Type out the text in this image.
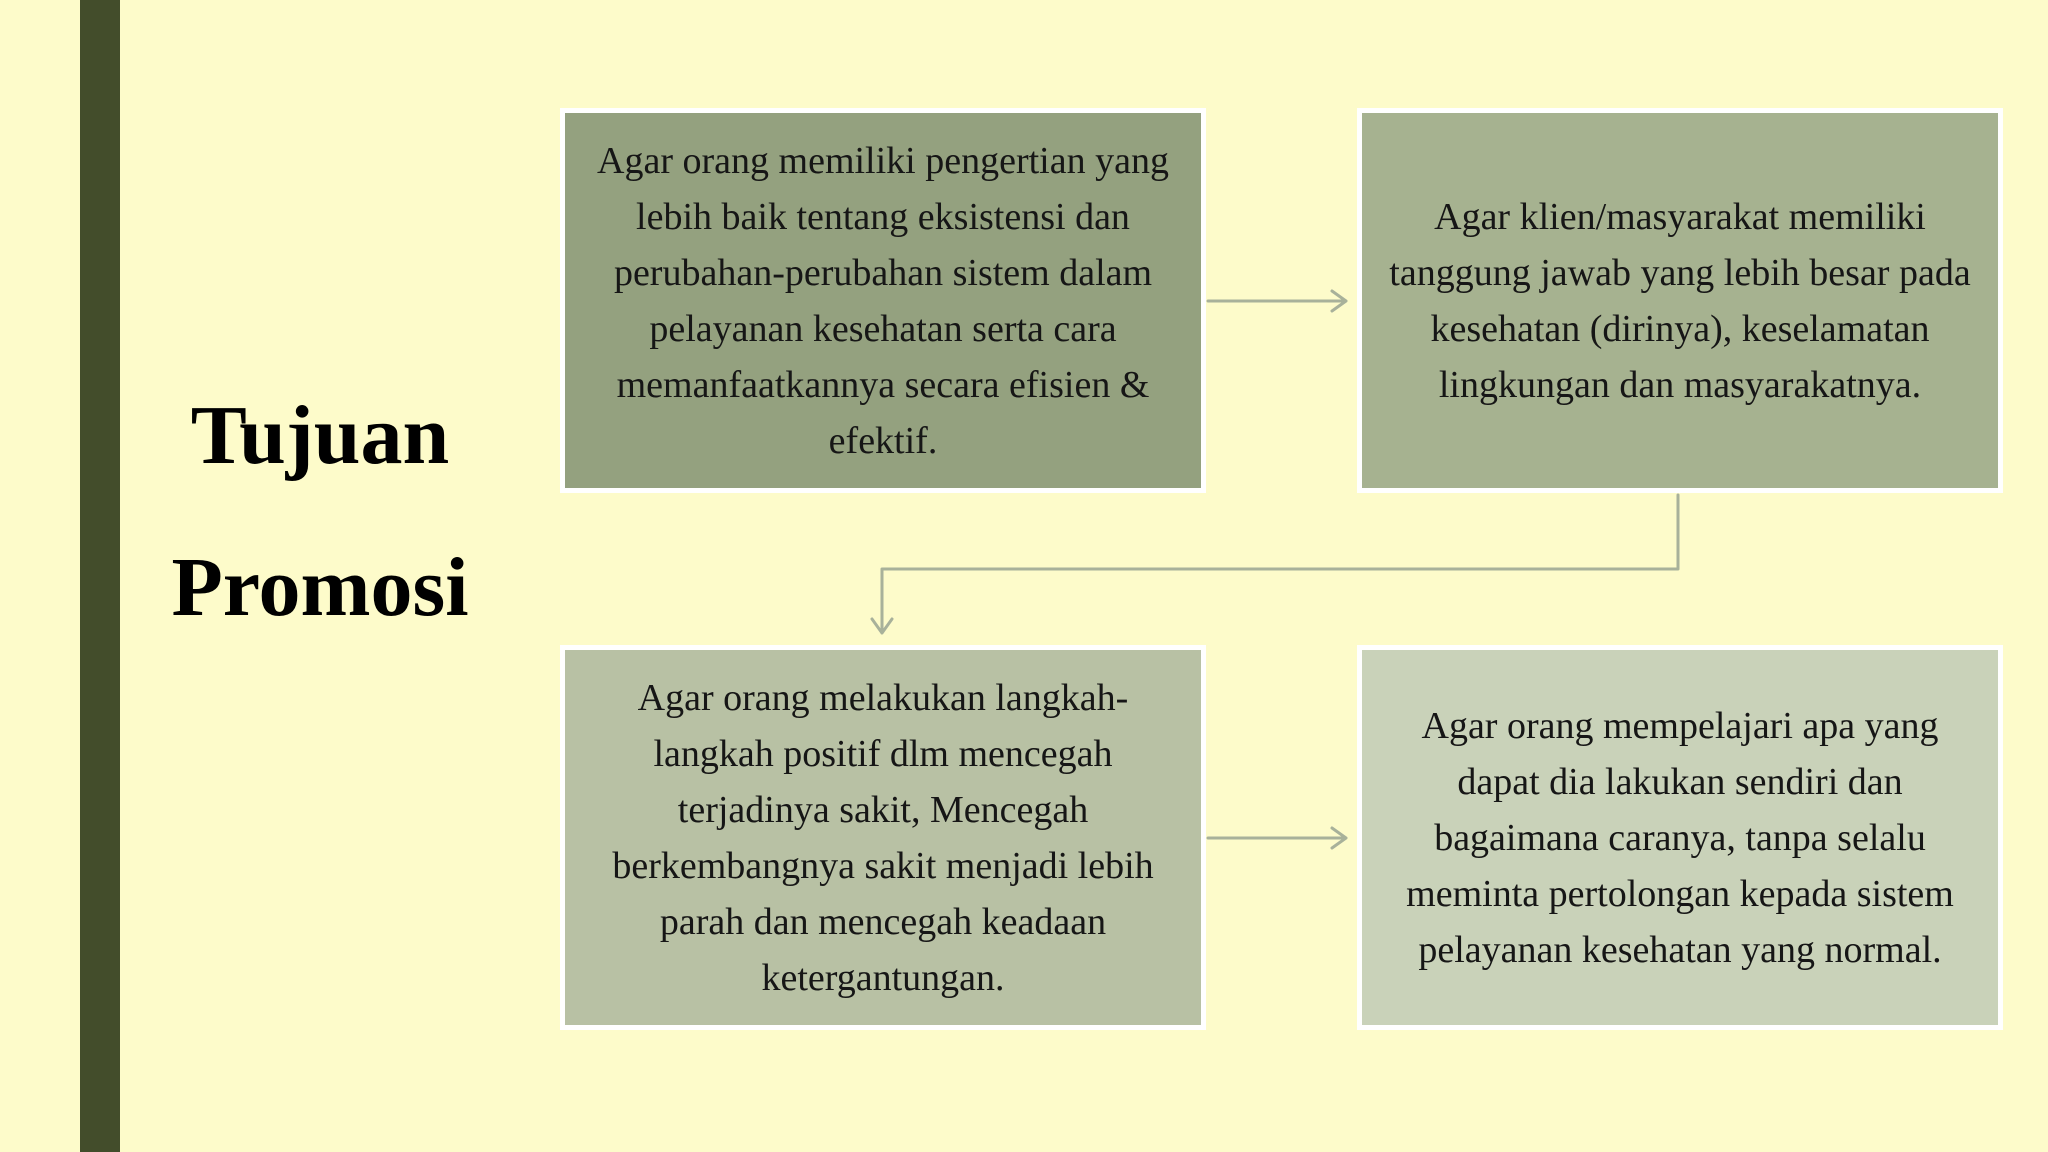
Tujuan
Promosi
Agar orang memiliki pengertian yang lebih baik tentang eksistensi dan perubahan-perubahan sistem dalam pelayanan kesehatan serta cara memanfaatkannya secara efisien & efektif.
Agar klien/masyarakat memiliki tanggung jawab yang lebih besar pada kesehatan (dirinya), keselamatan lingkungan dan masyarakatnya.
Agar orang melakukan langkah-langkah positif dlm mencegah terjadinya sakit, Mencegah berkembangnya sakit menjadi lebih parah dan mencegah keadaan ketergantungan.
Agar orang mempelajari apa yang dapat dia lakukan sendiri dan bagaimana caranya, tanpa selalu meminta pertolongan kepada sistem pelayanan kesehatan yang normal.
